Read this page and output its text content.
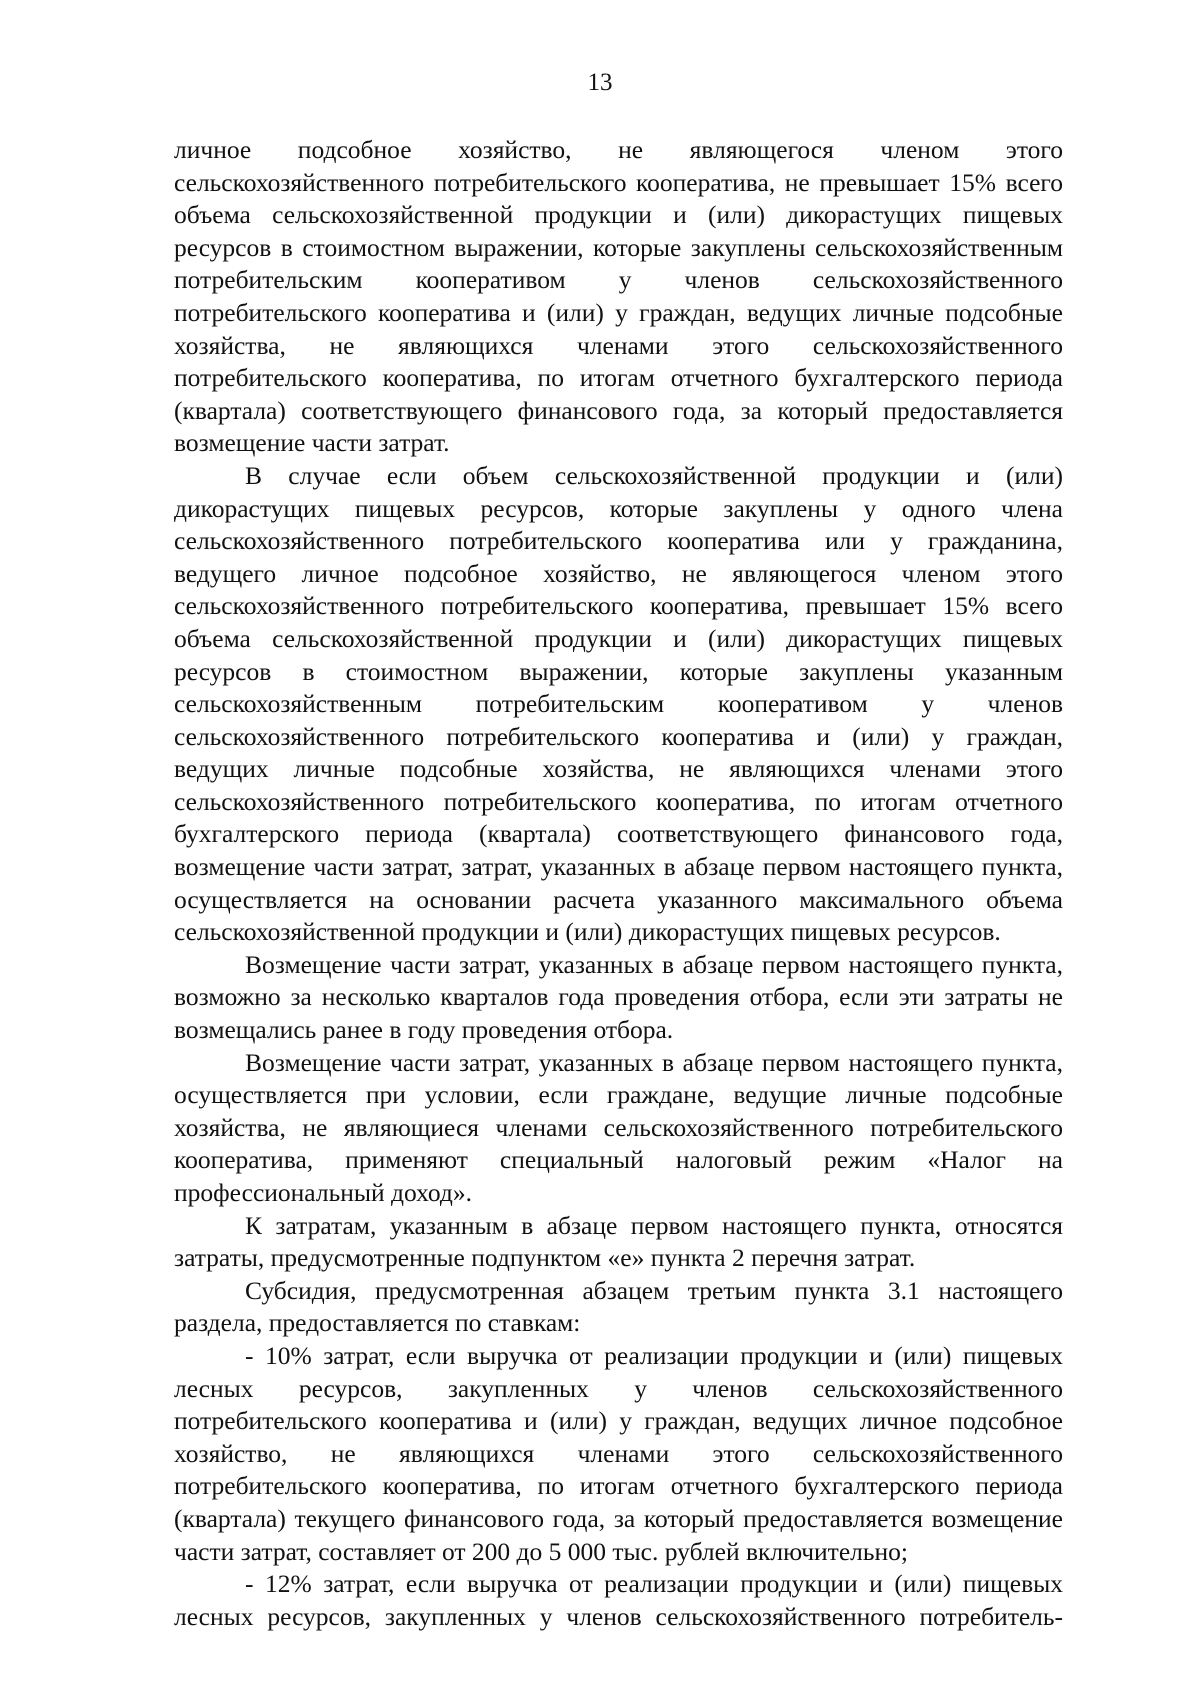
13

личное подсобное хозяйство, не являющегося членом этого сельскохозяйственного потребительского кооператива, не превышает 15% всего объема сельскохозяйственной продукции и (или) дикорастущих пищевых ресурсов в стоимостном выражении, которые закуплены сельскохозяйственным потребительским кооперативом у членов сельскохозяйственного потребительского кооператива и (или) у граждан, ведущих личные подсобные хозяйства, не являющихся членами этого сельскохозяйственного потребительского кооператива, по итогам отчетного бухгалтерского периода (квартала) соответствующего финансового года, за который предоставляется возмещение части затрат.

В случае если объем сельскохозяйственной продукции и (или) дикорастущих пищевых ресурсов, которые закуплены у одного члена сельскохозяйственного потребительского кооператива или у гражданина, ведущего личное подсобное хозяйство, не являющегося членом этого сельскохозяйственного потребительского кооператива, превышает 15% всего объема сельскохозяйственной продукции и (или) дикорастущих пищевых ресурсов в стоимостном выражении, которые закуплены указанным сельскохозяйственным потребительским кооперативом у членов сельскохозяйственного потребительского кооператива и (или) у граждан, ведущих личные подсобные хозяйства, не являющихся членами этого сельскохозяйственного потребительского кооператива, по итогам отчетного бухгалтерского периода (квартала) соответствующего финансового года, возмещение части затрат, затрат, указанных в абзаце первом настоящего пункта, осуществляется на основании расчета указанного максимального объема сельскохозяйственной продукции и (или) дикорастущих пищевых ресурсов.

Возмещение части затрат, указанных в абзаце первом настоящего пункта, возможно за несколько кварталов года проведения отбора, если эти затраты не возмещались ранее в году проведения отбора.

Возмещение части затрат, указанных в абзаце первом настоящего пункта, осуществляется при условии, если граждане, ведущие личные подсобные хозяйства, не являющиеся членами сельскохозяйственного потребительского кооператива, применяют специальный налоговый режим «Налог на профессиональный доход».

К затратам, указанным в абзаце первом настоящего пункта, относятся затраты, предусмотренные подпунктом «е» пункта 2 перечня затрат.

Субсидия, предусмотренная абзацем третьим пункта 3.1 настоящего раздела, предоставляется по ставкам:

- 10% затрат, если выручка от реализации продукции и (или) пищевых лесных ресурсов, закупленных у членов сельскохозяйственного потребительского кооператива и (или) у граждан, ведущих личное подсобное хозяйство, не являющихся членами этого сельскохозяйственного потребительского кооператива, по итогам отчетного бухгалтерского периода (квартала) текущего финансового года, за который предоставляется возмещение части затрат, составляет от 200 до 5 000 тыс. рублей включительно;

- 12% затрат, если выручка от реализации продукции и (или) пищевых лесных ресурсов, закупленных у членов сельскохозяйственного потребитель-
